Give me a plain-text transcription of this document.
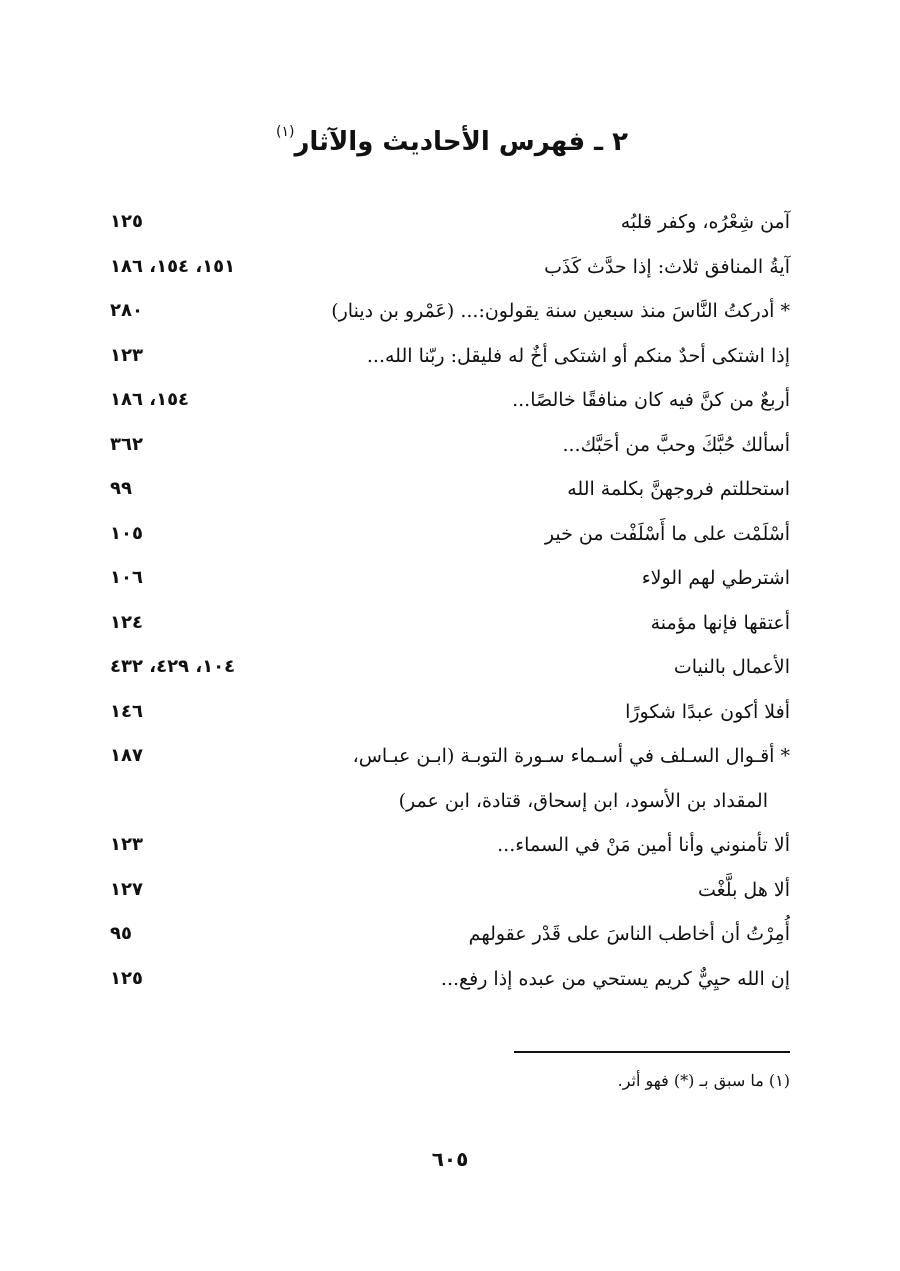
٢ ـ فهرس الأحاديث والآثار$^{(١)}$
آمن شِعْرُه، وكفر قلبُه
١٢٥
آيةُ المنافق ثلاث: إذا حدَّث كَذَب
١٥١، ١٥٤، ١٨٦
* أدركتُ النَّاسَ منذ سبعين سنة يقولون:... (عَمْرو بن دينار)
٢٨٠
إذا اشتكى أحدٌ منكم أو اشتكى أخٌ له فليقل: ربّنا الله...
١٢٣
أربعٌ من كنَّ فيه كان منافقًا خالصًا...
١٥٤، ١٨٦
أسألك حُبَّكَ وحبَّ من أحَبَّك...
٣٦٢
استحللتم فروجهنَّ بكلمة الله
٩٩
أسْلَمْت على ما أَسْلَفْت من خير
١٠٥
اشترطي لهم الولاء
١٠٦
أعتقها فإنها مؤمنة
١٢٤
الأعمال بالنيات
١٠٤، ٤٢٩، ٤٣٢
أفلا أكون عبدًا شكورًا
١٤٦
* أقـوال السـلف في أسـماء سـورة التوبـة (ابـن عبـاس،
المقداد بن الأسود، ابن إسحاق، قتادة، ابن عمر)
١٨٧
ألا تأمنوني وأنا أمين مَنْ في السماء...
١٢٣
ألا هل بلَّغْت
١٢٧
أُمِرْتُ أن أخاطب الناسَ على قَدْر عقولهم
٩٥
إن الله حيِيٌّ كريم يستحي من عبده إذا رفع...
١٢٥
(١) ما سبق بـ (*) فهو أثر.
٦٠٥
